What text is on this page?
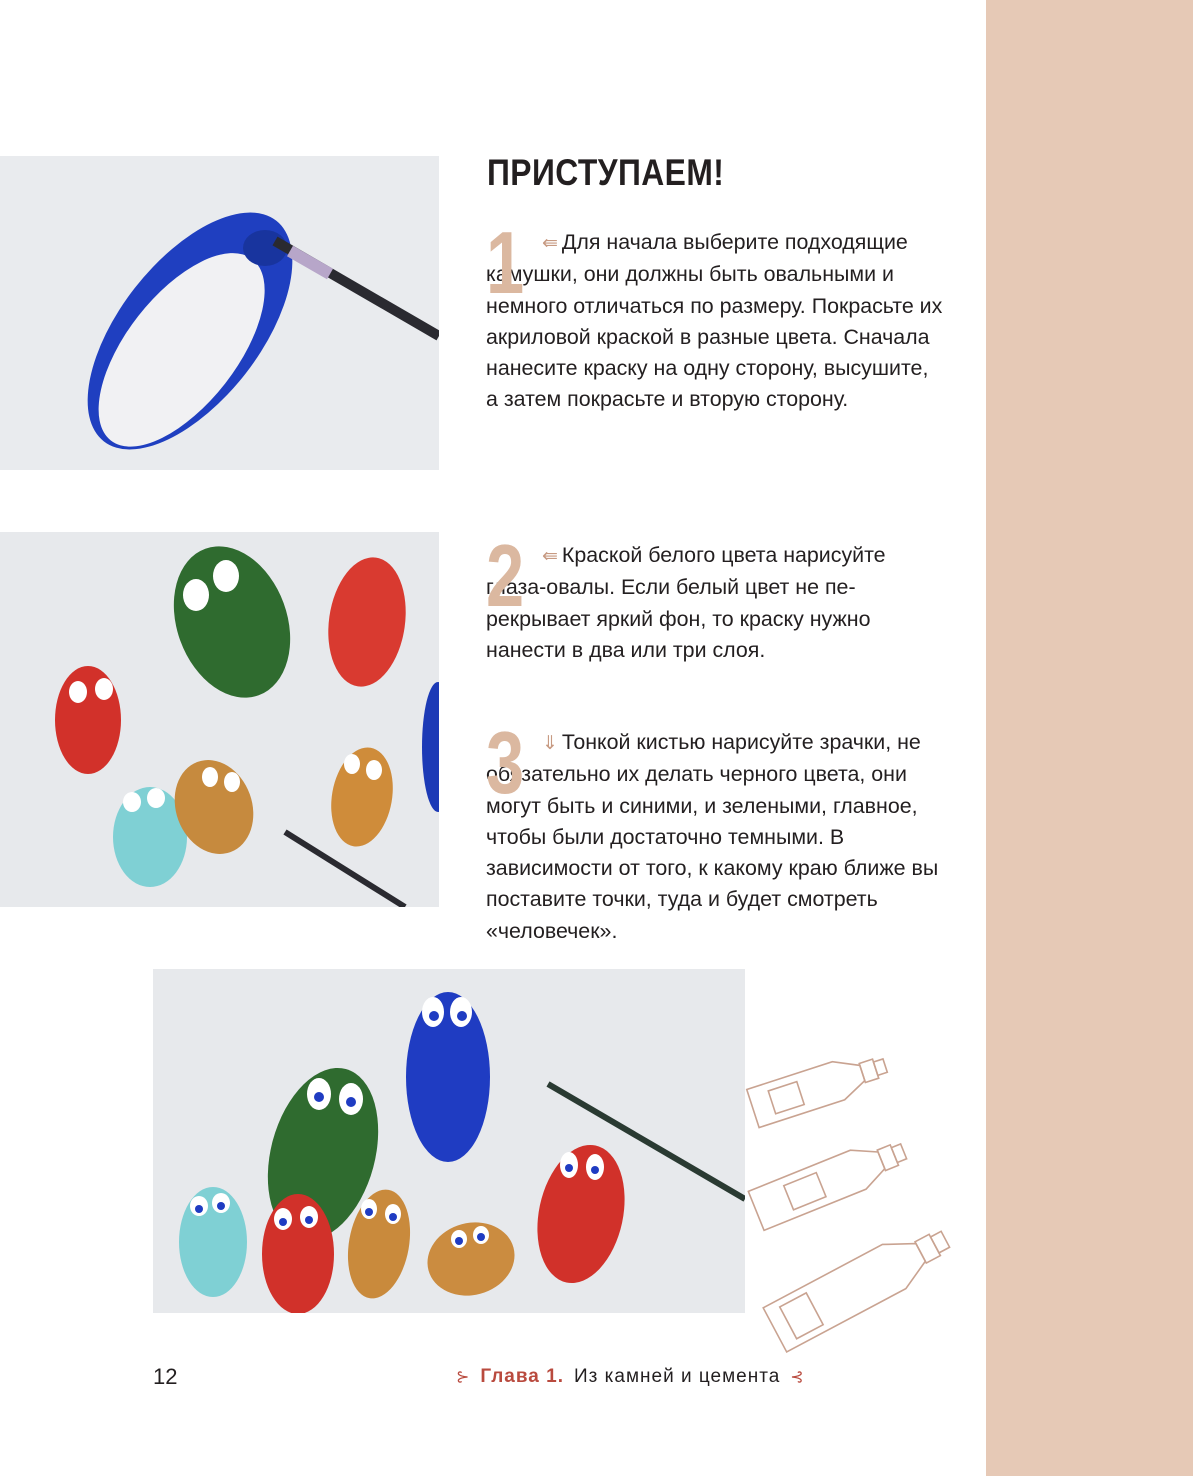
ПРИСТУПАЕМ!
1 ⇚ Для начала выберите подходящие камушки, они должны быть овальными и немного отличаться по размеру. Покрасьте их акриловой краской в разные цвета. Сначала нанесите краску на одну сторону, высушите, а затем покрасьте и вторую сторону.

2 ⇚ Краской белого цвета нарисуйте глаза-овалы. Если белый цвет не перекрывает яркий фон, то краску нужно нанести в два или три слоя.

3 ⇓ Тонкой кистью нарисуйте зрачки, не обязательно их делать черного цвета, они могут быть и синими, и зелеными, главное, чтобы были достаточно темными. В зависимости от того, к какому краю ближе вы поставите точки, туда и будет смотреть «человечек».

12	⊱ Глава 1. Из камней и цемента ⊰
